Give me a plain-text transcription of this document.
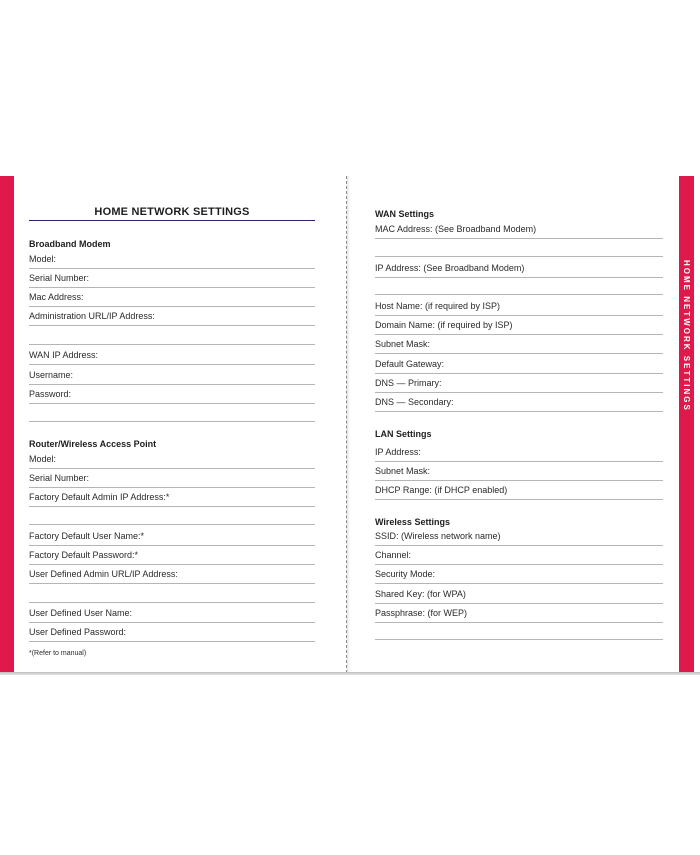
HOME NETWORK SETTINGS
Broadband Modem
Model:
Serial Number:
Mac Address:
Administration URL/IP Address:
WAN IP Address:
Username:
Password:
Router/Wireless Access Point
Model:
Serial Number:
Factory Default Admin IP Address:*
Factory Default User Name:*
Factory Default Password:*
User Defined Admin URL/IP Address:
User Defined User Name:
User Defined Password:
*(Refer to manual)
WAN Settings
MAC Address: (See Broadband Modem)
IP Address: (See Broadband Modem)
Host Name: (if required by ISP)
Domain Name: (if required by ISP)
Subnet Mask:
Default Gateway:
DNS — Primary:
DNS — Secondary:
LAN Settings
IP Address:
Subnet Mask:
DHCP Range: (if DHCP enabled)
Wireless Settings
SSID: (Wireless network name)
Channel:
Security Mode:
Shared Key: (for WPA)
Passphrase: (for WEP)
HOME NETWORK SETTINGS
